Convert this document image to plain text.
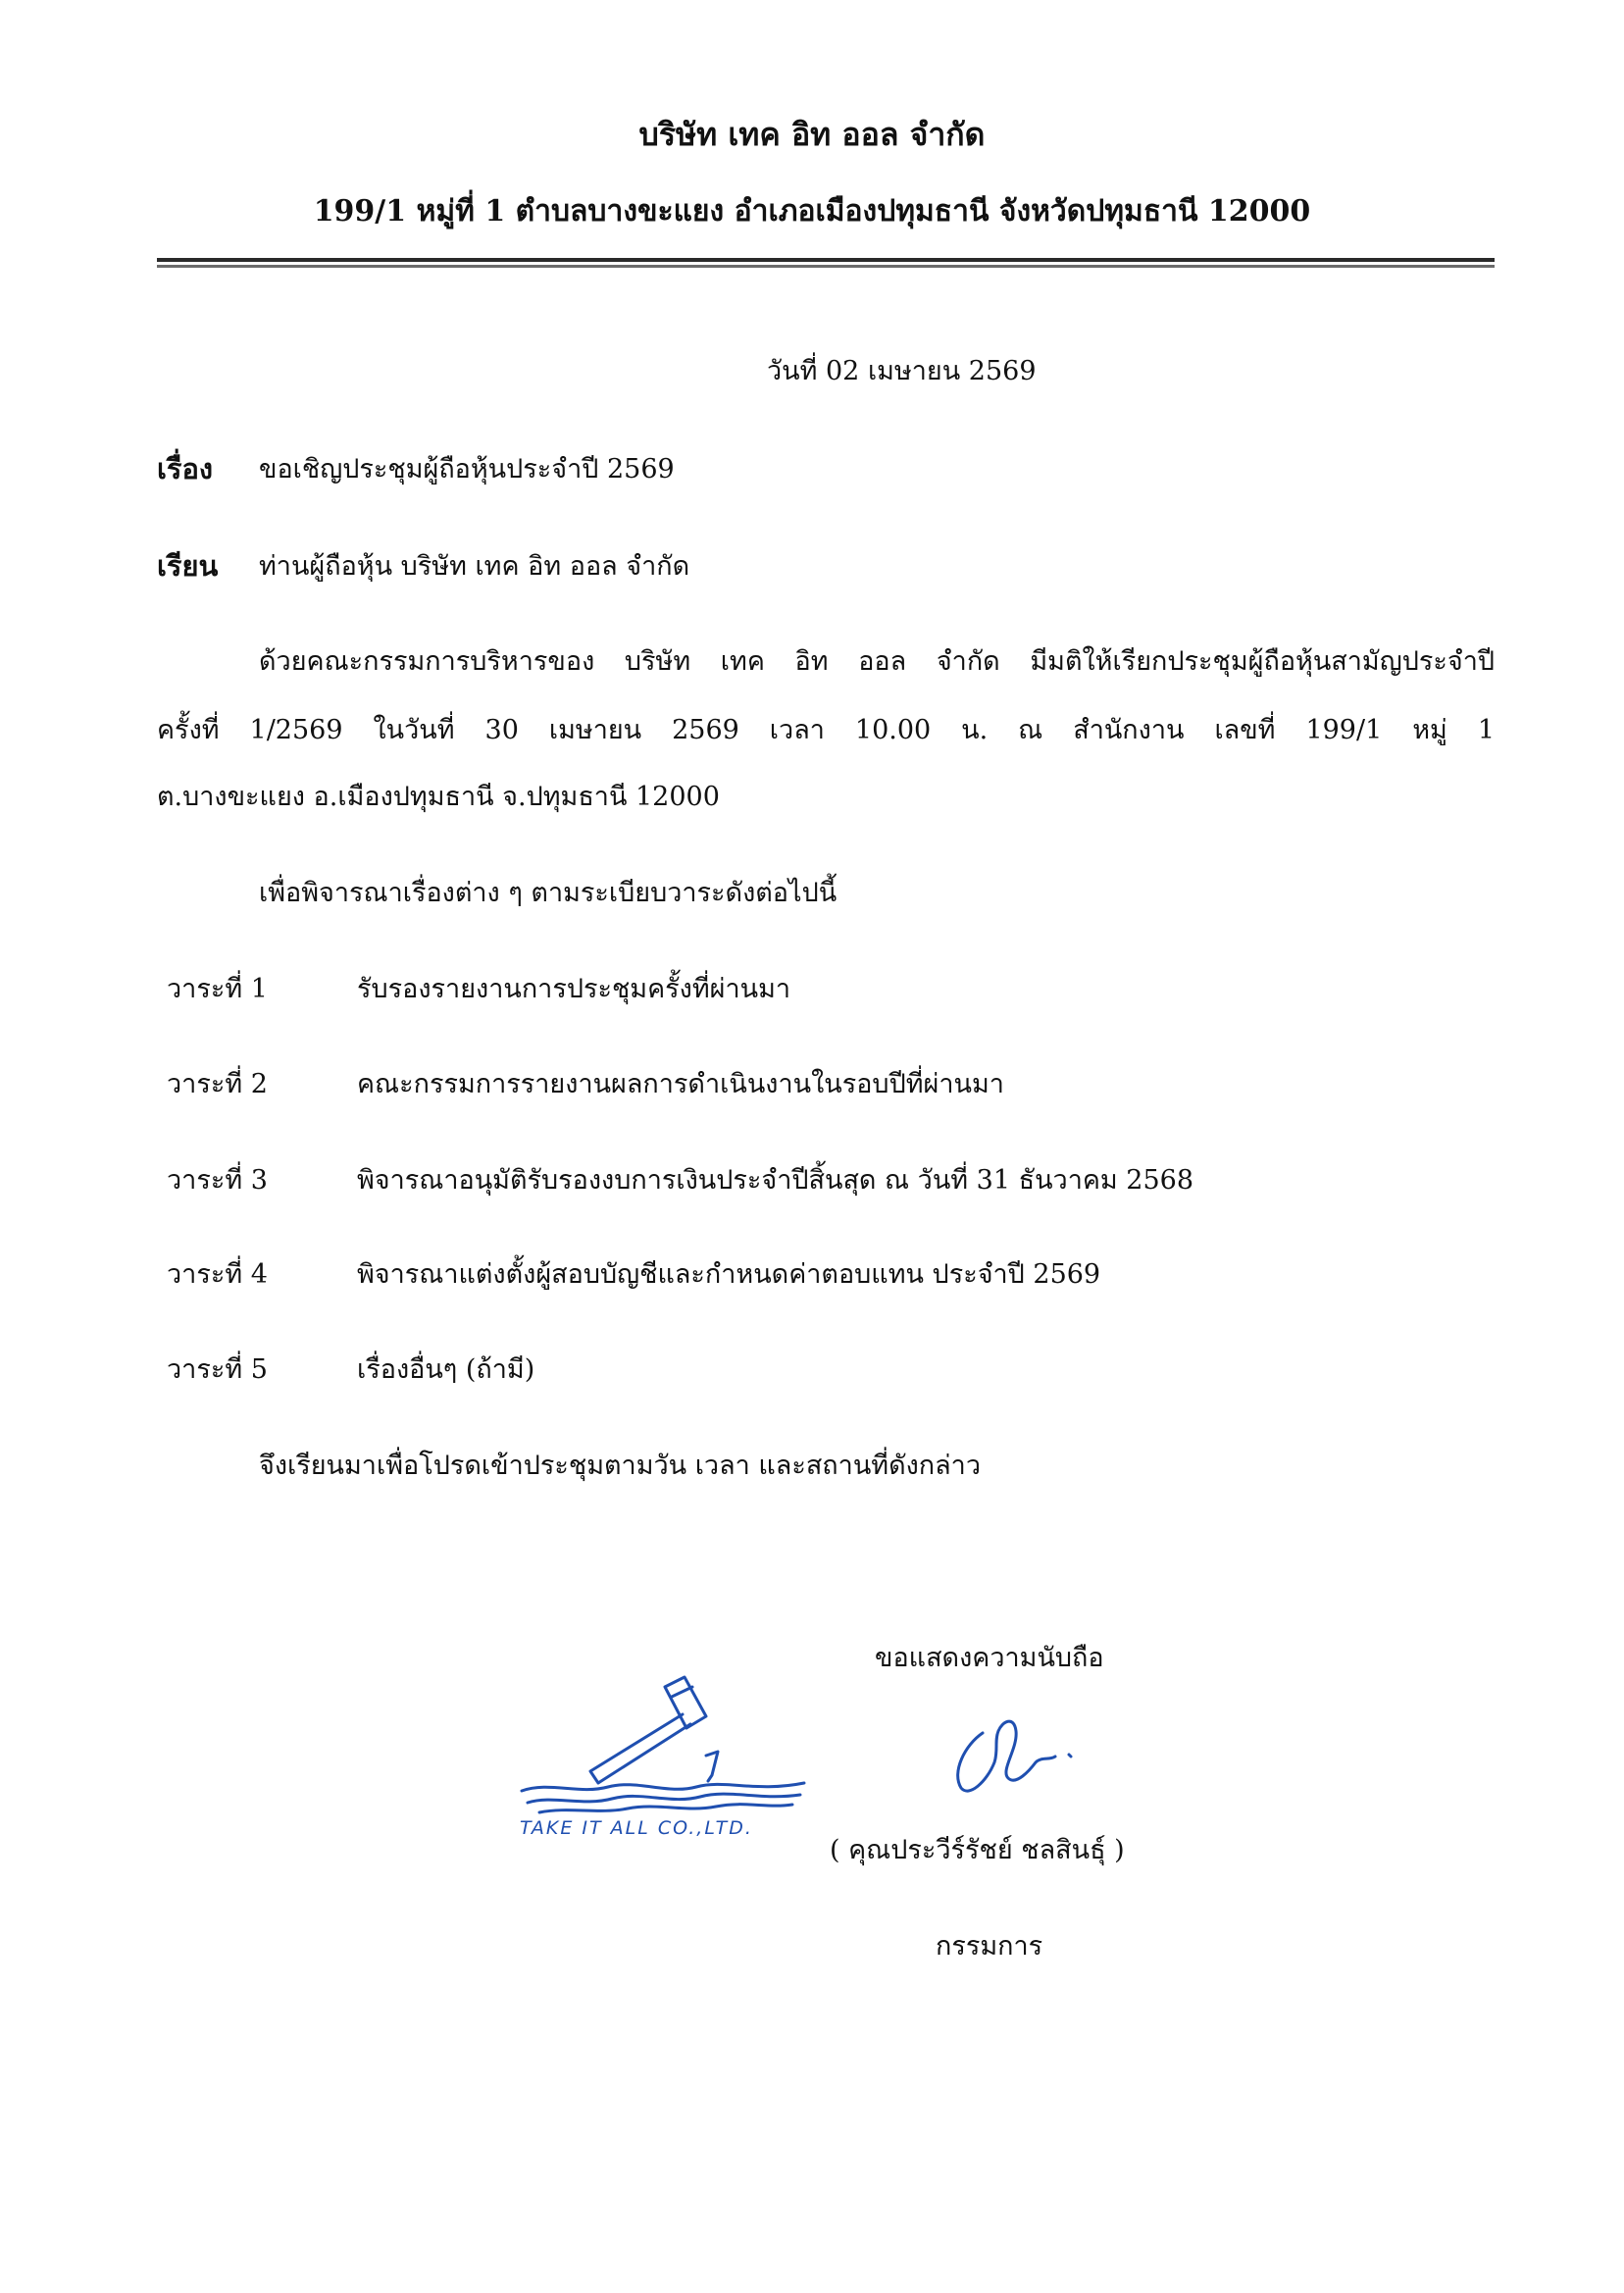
บริษัท เทค อิท ออล จำกัด
199/1 หมู่ที่ 1 ตำบลบางขะแยง อำเภอเมืองปทุมธานี จังหวัดปทุมธานี 12000
วันที่ 02 เมษายน 2569
เรื่อง ขอเชิญประชุมผู้ถือหุ้นประจำปี 2569
เรียน ท่านผู้ถือหุ้น บริษัท เทค อิท ออล จำกัด
ด้วยคณะกรรมการบริหารของ บริษัท เทค อิท ออล จำกัด มีมติให้เรียกประชุมผู้ถือหุ้นสามัญประจำปี
ครั้งที่ 1/2569 ในวันที่ 30 เมษายน 2569 เวลา 10.00 น. ณ สำนักงาน เลขที่ 199/1 หมู่ 1
ต.บางขะแยง อ.เมืองปทุมธานี จ.ปทุมธานี 12000
เพื่อพิจารณาเรื่องต่าง ๆ ตามระเบียบวาระดังต่อไปนี้
วาระที่ 1	รับรองรายงานการประชุมครั้งที่ผ่านมา
วาระที่ 2	คณะกรรมการรายงานผลการดำเนินงานในรอบปีที่ผ่านมา
วาระที่ 3	พิจารณาอนุมัติรับรองงบการเงินประจำปีสิ้นสุด ณ วันที่ 31 ธันวาคม 2568
วาระที่ 4	พิจารณาแต่งตั้งผู้สอบบัญชีและกำหนดค่าตอบแทน ประจำปี 2569
วาระที่ 5	เรื่องอื่นๆ (ถ้ามี)
จึงเรียนมาเพื่อโปรดเข้าประชุมตามวัน เวลา และสถานที่ดังกล่าว
ขอแสดงความนับถือ
TAKE IT ALL CO.,LTD.
( คุณประวีร์รัชย์ ชลสินธุ์ )
กรรมการ
